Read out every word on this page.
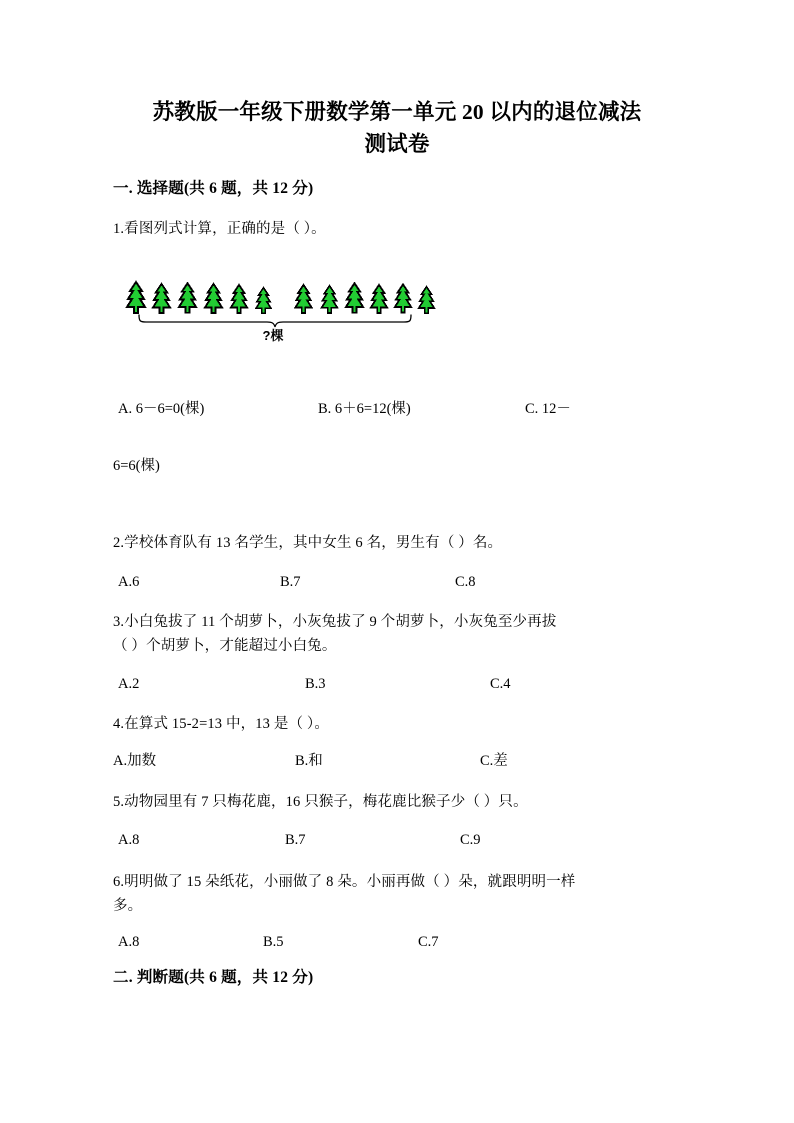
苏教版一年级下册数学第一单元 20 以内的退位减法
测试卷
一. 选择题(共 6 题，共 12 分)
1.看图列式计算，正确的是（ ）。
?棵
A. 6－6=0(棵)	B. 6＋6=12(棵)	C. 12－
6=6(棵)
2.学校体育队有 13 名学生，其中女生 6 名，男生有（ ）名。
A.6	B.7	C.8
3.小白兔拔了 11 个胡萝卜，小灰兔拔了 9 个胡萝卜，小灰兔至少再拔
（ ）个胡萝卜，才能超过小白兔。
A.2	B.3	C.4
4.在算式 15-2=13 中，13 是（ ）。
A.加数	B.和	C.差
5.动物园里有 7 只梅花鹿，16 只猴子，梅花鹿比猴子少（ ）只。
A.8	B.7	C.9
6.明明做了 15 朵纸花，小丽做了 8 朵。小丽再做（ ）朵，就跟明明一样
多。
A.8	B.5	C.7
二. 判断题(共 6 题，共 12 分)
